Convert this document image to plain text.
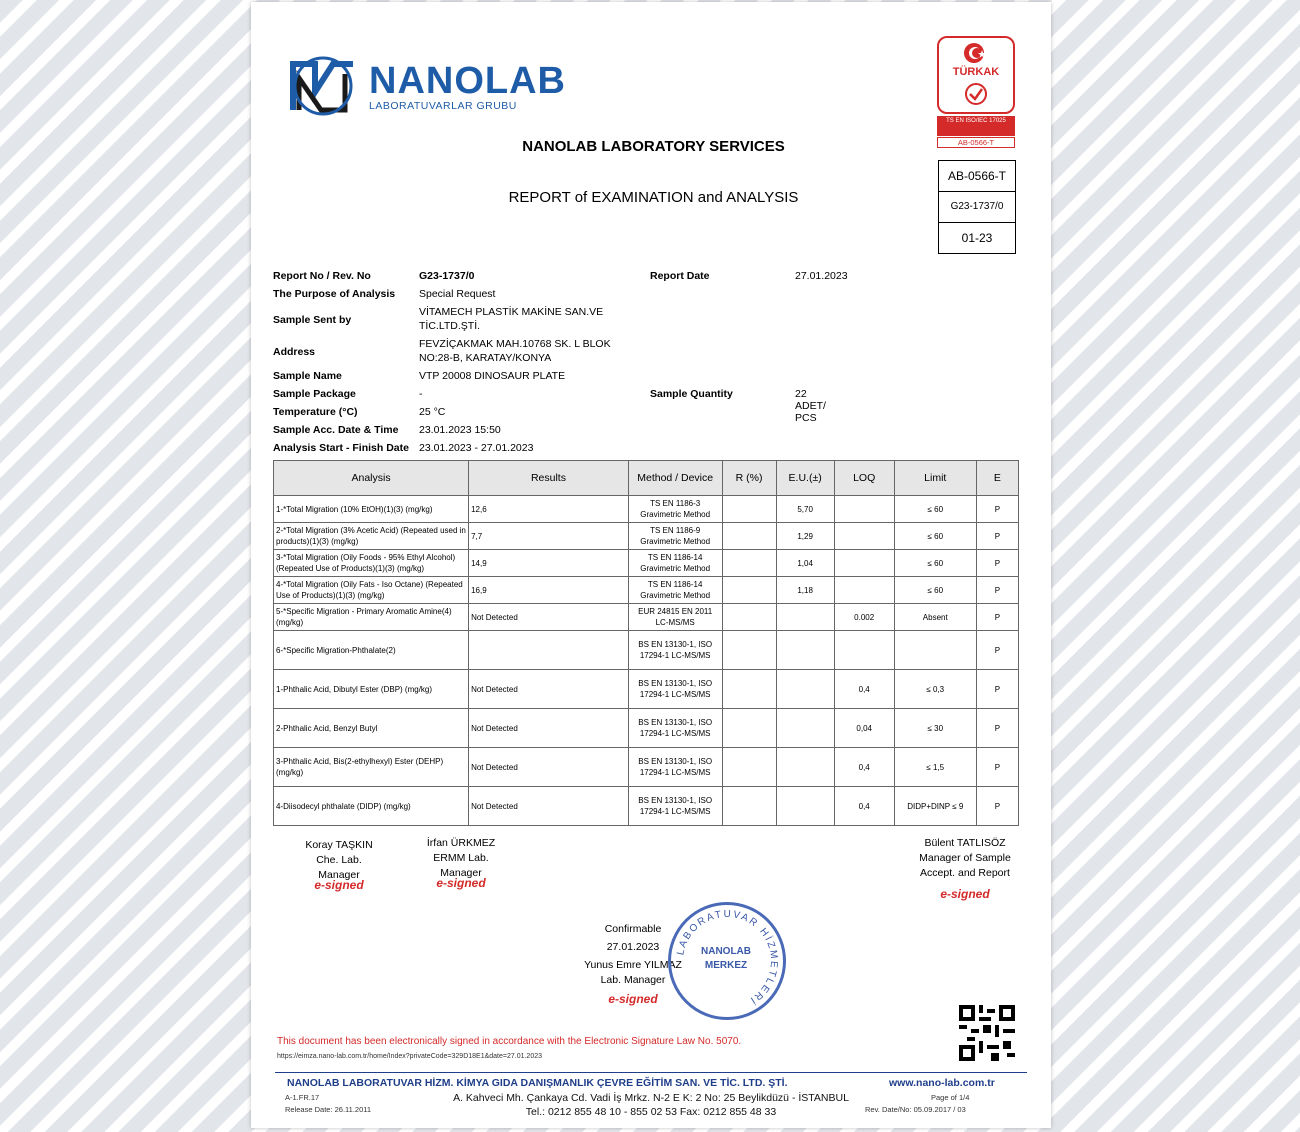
NANOLAB
LABORATUVARLAR GRUBU
TÜRKAK
TS EN ISO/IEC 17025
AB-0566-T
AB-0566-T
G23-1737/0
01-23
NANOLAB LABORATORY SERVICES
REPORT of EXAMINATION and ANALYSIS
Report No / Rev. No	G23-1737/0	Report Date	27.01.2023
The Purpose of Analysis Special Request
Sample Sent by
VİTAMECH PLASTİK MAKİNE SAN.VE
TİC.LTD.ŞTİ.
Address
FEVZİÇAKMAK MAH.10768 SK. L BLOK
NO:28-B, KARATAY/KONYA
Sample Name	VTP 20008 DINOSAUR PLATE
Sample Package	-	Sample Quantity	22 ADET/ PCS
Temperature (°C)	25 °C
Sample Acc. Date & Time 23.01.2023 15:50
Analysis Start - Finish Date 23.01.2023 - 27.01.2023
Analysis	Results	Method / Device	R (%)	E.U.(±)	LOQ	Limit	E
1-*Total Migration (10% EtOH)(1)(3) (mg/kg)	12,6	TS EN 1186-3 Gravimetric Method		5,70		≤ 60	P
2-*Total Migration (3% Acetic Acid) (Repeated used in products)(1)(3) (mg/kg)	7,7	TS EN 1186-9 Gravimetric Method		1,29		≤ 60	P
3-*Total Migration (Oily Foods - 95% Ethyl Alcohol) (Repeated Use of Products)(1)(3) (mg/kg)	14,9	TS EN 1186-14 Gravimetric Method		1,04		≤ 60	P
4-*Total Migration (Oily Fats - Iso Octane) (Repeated Use of Products)(1)(3) (mg/kg)	16,9	TS EN 1186-14 Gravimetric Method		1,18		≤ 60	P
5-*Specific Migration - Primary Aromatic Amine(4) (mg/kg)	Not Detected	EUR 24815 EN 2011 LC-MS/MS			0.002	Absent	P
6-*Specific Migration-Phthalate(2)		BS EN 13130-1, ISO 17294-1 LC-MS/MS					P
1-Phthalic Acid, Dibutyl Ester (DBP) (mg/kg)	Not Detected	BS EN 13130-1, ISO 17294-1 LC-MS/MS			0,4	≤ 0,3	P
2-Phthalic Acid, Benzyl Butyl	Not Detected	BS EN 13130-1, ISO 17294-1 LC-MS/MS			0,04	≤ 30	P
3-Phthalic Acid, Bis(2-ethylhexyl) Ester (DEHP) (mg/kg)	Not Detected	BS EN 13130-1, ISO 17294-1 LC-MS/MS			0,4	≤ 1,5	P
4-Diisodecyl phthalate (DIDP) (mg/kg)	Not Detected	BS EN 13130-1, ISO 17294-1 LC-MS/MS			0,4	DIDP+DINP ≤ 9	P
Koray TAŞKIN
Che. Lab.
Manager
e-signed
İrfan ÜRKMEZ
ERMM Lab.
Manager
e-signed
Bülent TATLISÖZ
Manager of Sample
Accept. and Report
e-signed
Confirmable
27.01.2023
Yunus Emre YILMAZ
Lab. Manager
e-signed
LABORATUVAR HİZMETLERİ
NANOLAB
MERKEZ
This document has been electronically signed in accordance with the Electronic Signature Law No. 5070.
https://eimza.nano-lab.com.tr/home/Index?privateCode=329D18E1&date=27.01.2023
NANOLAB LABORATUVAR HİZM. KİMYA GIDA DANIŞMANLIK ÇEVRE EĞİTİM SAN. VE TİC. LTD. ŞTİ.	www.nano-lab.com.tr
A-1.FR.17
Release Date: 26.11.2011
A. Kahveci Mh. Çankaya Cd. Vadi İş Mrkz. N-2 E K: 2 No: 25 Beylikdüzü - İSTANBUL
Tel.: 0212 855 48 10 - 855 02 53 Fax: 0212 855 48 33
Page of 1/4
Rev. Date/No: 05.09.2017 / 03
